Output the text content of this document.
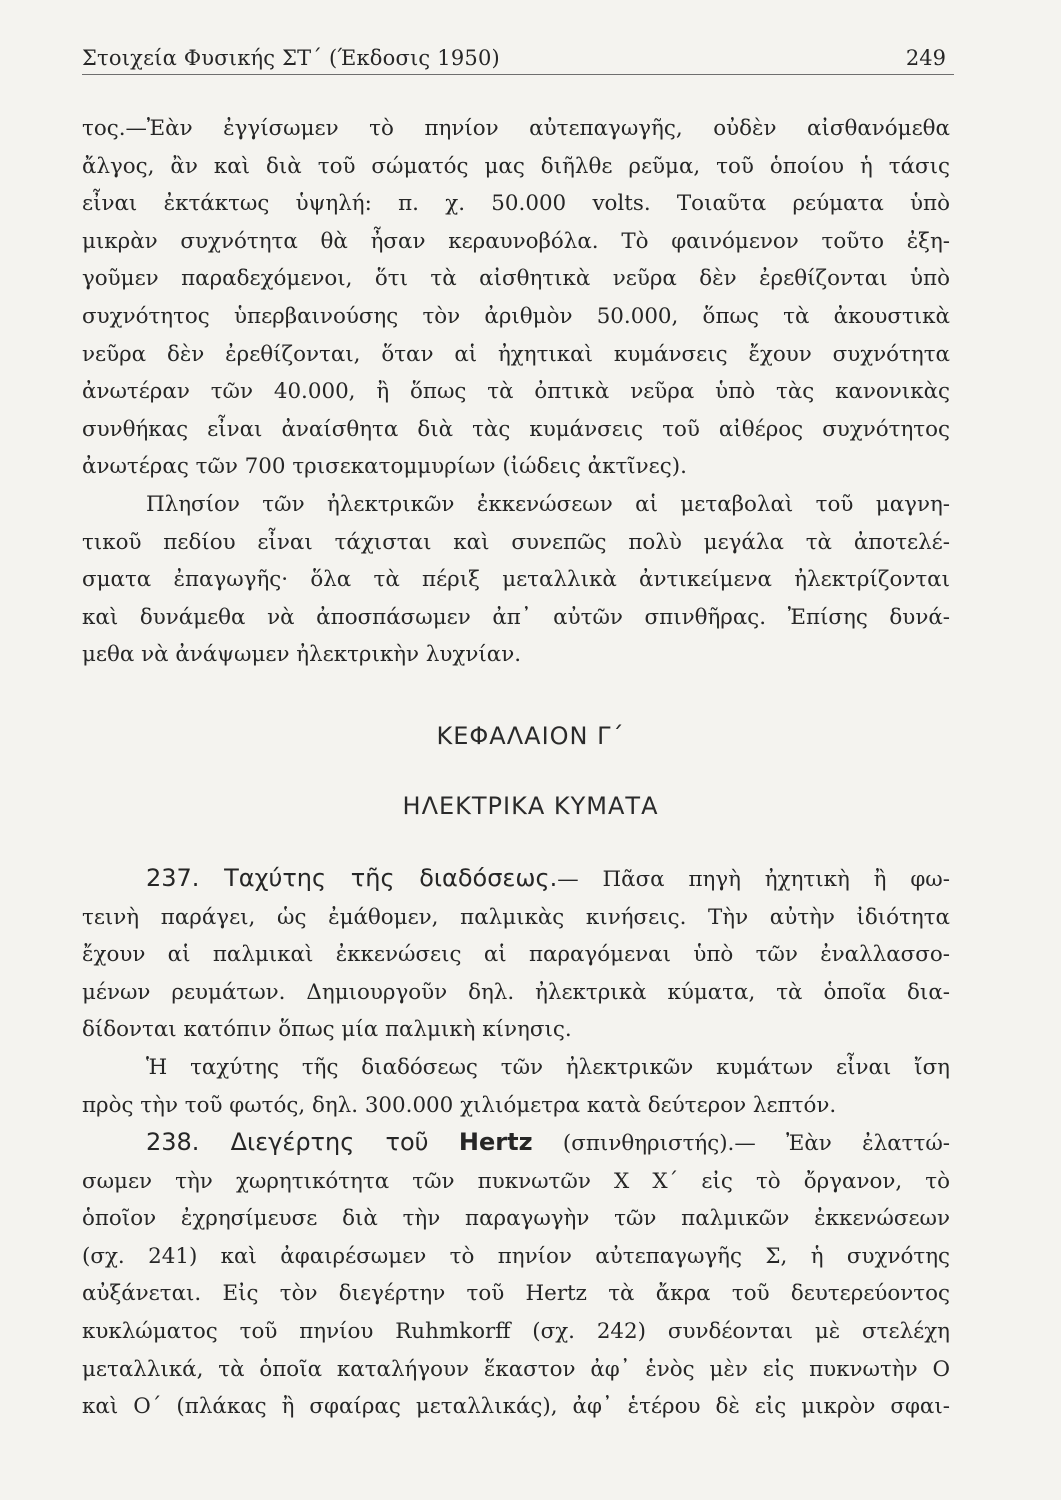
Στοιχεία Φυσικής ΣΤ΄ (Έκδοσις 1950)	249
τος.—Ἐὰν ἐγγίσωμεν τὸ πηνίον αὐτεπαγωγῆς, οὐδὲν αἰσθανόμεθα
ἄλγος, ἂν καὶ διὰ τοῦ σώματός μας διῆλθε ρεῦμα, τοῦ ὁποίου ἡ τάσις
εἶναι ἐκτάκτως ὑψηλή: π. χ. 50.000 volts. Τοιαῦτα ρεύματα ὑπὸ
μικρὰν συχνότητα θὰ ἦσαν κεραυνοβόλα. Τὸ φαινόμενον τοῦτο ἐξη-
γοῦμεν παραδεχόμενοι, ὅτι τὰ αἰσθητικὰ νεῦρα δὲν ἐρεθίζονται ὑπὸ
συχνότητος ὑπερβαινούσης τὸν ἀριθμὸν 50.000, ὅπως τὰ ἀκουστικὰ
νεῦρα δὲν ἐρεθίζονται, ὅταν αἱ ἠχητικαὶ κυμάνσεις ἔχουν συχνότητα
ἀνωτέραν τῶν 40.000, ἢ ὅπως τὰ ὀπτικὰ νεῦρα ὑπὸ τὰς κανονικὰς
συνθήκας εἶναι ἀναίσθητα διὰ τὰς κυμάνσεις τοῦ αἰθέρος συχνότητος
ἀνωτέρας τῶν 700 τρισεκατομμυρίων (ἰώδεις ἀκτῖνες).
Πλησίον τῶν ἠλεκτρικῶν ἐκκενώσεων αἱ μεταβολαὶ τοῦ μαγνη-
τικοῦ πεδίου εἶναι τάχισται καὶ συνεπῶς πολὺ μεγάλα τὰ ἀποτελέ-
σματα ἐπαγωγῆς· ὅλα τὰ πέριξ μεταλλικὰ ἀντικείμενα ἠλεκτρίζονται
καὶ δυνάμεθα νὰ ἀποσπάσωμεν ἀπ᾽ αὐτῶν σπινθῆρας. Ἐπίσης δυνά-
μεθα νὰ ἀνάψωμεν ἠλεκτρικὴν λυχνίαν.
ΚΕΦΑΛΑΙΟΝ Γ΄
ΗΛΕΚΤΡΙΚΑ ΚΥΜΑΤΑ
237. Ταχύτης τῆς διαδόσεως.— Πᾶσα πηγὴ ἠχητικὴ ἢ φω-
τεινὴ παράγει, ὡς ἐμάθομεν, παλμικὰς κινήσεις. Τὴν αὐτὴν ἰδιότητα
ἔχουν αἱ παλμικαὶ ἐκκενώσεις αἱ παραγόμεναι ὑπὸ τῶν ἐναλλασσο-
μένων ρευμάτων. Δημιουργοῦν δηλ. ἠλεκτρικὰ κύματα, τὰ ὁποῖα δια-
δίδονται κατόπιν ὅπως μία παλμικὴ κίνησις.
Ἡ ταχύτης τῆς διαδόσεως τῶν ἠλεκτρικῶν κυμάτων εἶναι ἴση
πρὸς τὴν τοῦ φωτός, δηλ. 300.000 χιλιόμετρα κατὰ δεύτερον λεπτόν.
238. Διεγέρτης τοῦ Hertz (σπινθηριστής).— Ἐὰν ἐλαττώ-
σωμεν τὴν χωρητικότητα τῶν πυκνωτῶν Χ Χ΄ εἰς τὸ ὄργανον, τὸ
ὁποῖον ἐχρησίμευσε διὰ τὴν παραγωγὴν τῶν παλμικῶν ἐκκενώσεων
(σχ. 241) καὶ ἀφαιρέσωμεν τὸ πηνίον αὐτεπαγωγῆς Σ, ἡ συχνότης
αὐξάνεται. Εἰς τὸν διεγέρτην τοῦ Hertz τὰ ἄκρα τοῦ δευτερεύοντος
κυκλώματος τοῦ πηνίου Ruhmkorff (σχ. 242) συνδέονται μὲ στελέχη
μεταλλικά, τὰ ὁποῖα καταλήγουν ἕκαστον ἀφ᾽ ἑνὸς μὲν εἰς πυκνωτὴν Ο
καὶ Ο΄ (πλάκας ἢ σφαίρας μεταλλικάς), ἀφ᾽ ἑτέρου δὲ εἰς μικρὸν σφαι-
